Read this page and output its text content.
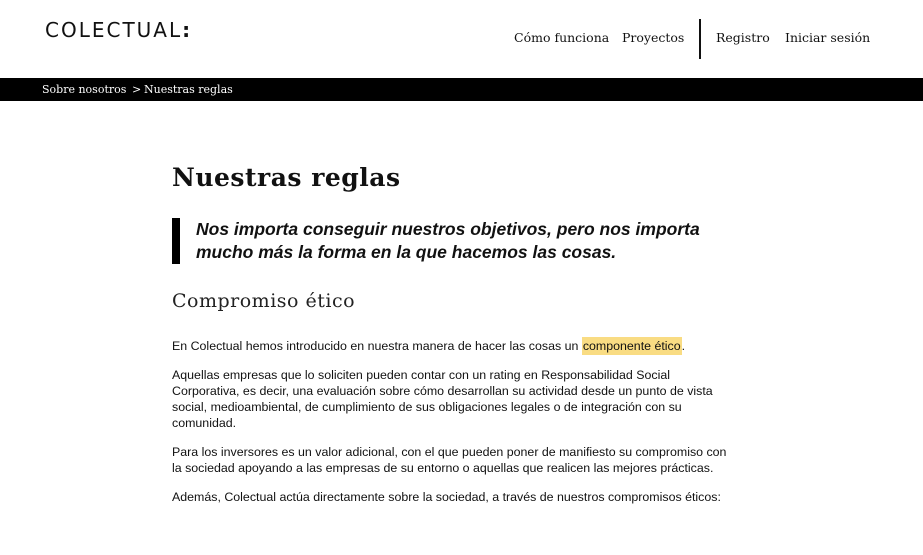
COLECTUAL:	Cómo funciona Proyectos	Registro Iniciar sesión
Sobre nosotros > Nuestras reglas
Nuestras reglas

Nos importa conseguir nuestros objetivos, pero nos importa mucho más la forma en la que hacemos las cosas.

Compromiso ético

En Colectual hemos introducido en nuestra manera de hacer las cosas un componente ético.

Aquellas empresas que lo soliciten pueden contar con un rating en Responsabilidad Social Corporativa, es decir, una evaluación sobre cómo desarrollan su actividad desde un punto de vista social, medioambiental, de cumplimiento de sus obligaciones legales o de integración con su comunidad.

Para los inversores es un valor adicional, con el que pueden poner de manifiesto su compromiso con la sociedad apoyando a las empresas de su entorno o aquellas que realicen las mejores prácticas.

Además, Colectual actúa directamente sobre la sociedad, a través de nuestros compromisos éticos:
